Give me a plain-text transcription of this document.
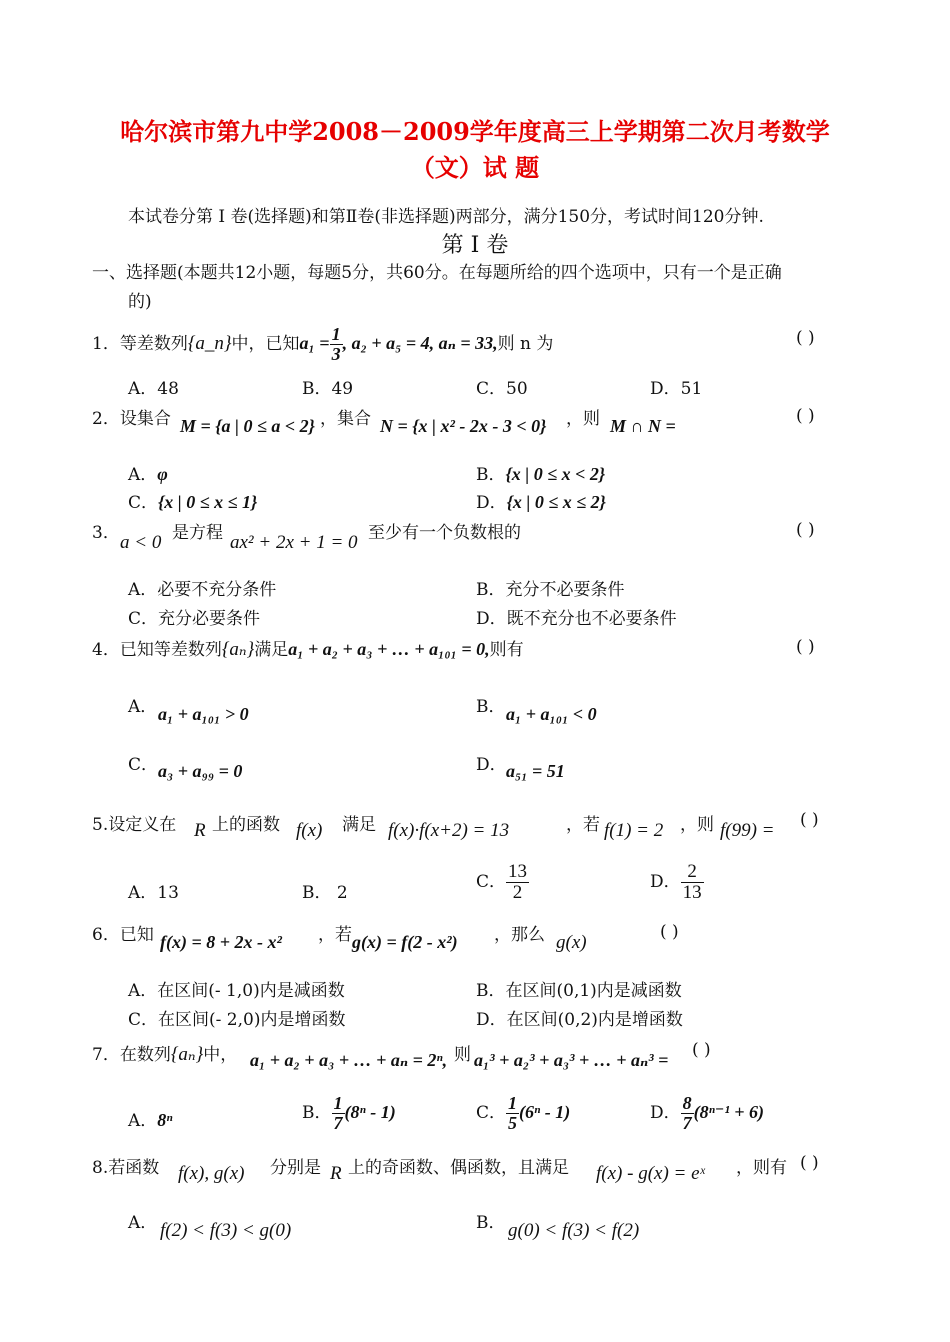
哈尔滨市第九中学2008－2009学年度高三上学期第二次月考数学
（文）试 题
本试卷分第 Ⅰ 卷(选择题)和第Ⅱ卷(非选择题)两部分，满分150分，考试时间120分钟.
第 Ⅰ 卷
一、选择题(本题共12小题，每题5分，共60分。在每题所给的四个选项中，只有一个是正确
的)
1．等差数列{a_n}中，已知$a_1 = \frac{1}{3}$ , a₂ + a₅ = 4, aₙ = 33,则 n 为	( )
A．48	B．49	C．50	D．51
2．设集合 M = {a | 0 ≤ a < 2} ，集合 N = {x | x² - 2x - 3 < 0} ，则 M ∩ N =	( )
A．φ	B．{x | 0 ≤ x < 2}
C．{x | 0 ≤ x ≤ 1}	D．{x | 0 ≤ x ≤ 2}
3． a < 0 是方程 ax² + 2x + 1 = 0 至少有一个负数根的	( )
A．必要不充分条件	B．充分不必要条件
C．充分必要条件	D．既不充分也不必要条件
4．已知等差数列{aₙ}满足a₁ + a₂ + a₃ + … + a₁₀₁ = 0,则有	( )
A． a₁ + a₁₀₁ > 0	B． a₁ + a₁₀₁ < 0
C． a₃ + a₉₉ = 0	D． a₅₁ = 51
5.设定义在 R 上的函数 f(x) 满足 f(x)·f(x+2) = 13	，若 f(1) = 2 ，则 f(99) = ( )
A．13	B． 2
C． $\frac{13}{2}$	D． $\frac{2}{13}$
6．已知 f(x) = 8 + 2x - x² ，若 g(x) = f(2 - x²) ，那么 g(x)	( )
A．在区间(- 1,0)内是减函数	B．在区间(0,1)内是减函数
C．在区间(- 2,0)内是增函数	D．在区间(0,2)内是增函数
7．在数列{aₙ}中， a₁ + a₂ + a₃ + … + aₙ = 2ⁿ, 则 a₁³ + a₂³ + a₃³ + … + aₙ³ = ( )
A．8ⁿ	B． $\frac{1}{7} (8^n - 1)$	C． $\frac{1}{5} (6^n - 1)$	D． $\frac{8}{7} (8^{n-1} + 6)$
8.若函数 f(x), g(x) 分别是 R 上的奇函数、偶函数，且满足 f(x) - g(x) = eˣ ，则有 ( )
A． f(2) < f(3) < g(0)	B． g(0) < f(3) < f(2)
